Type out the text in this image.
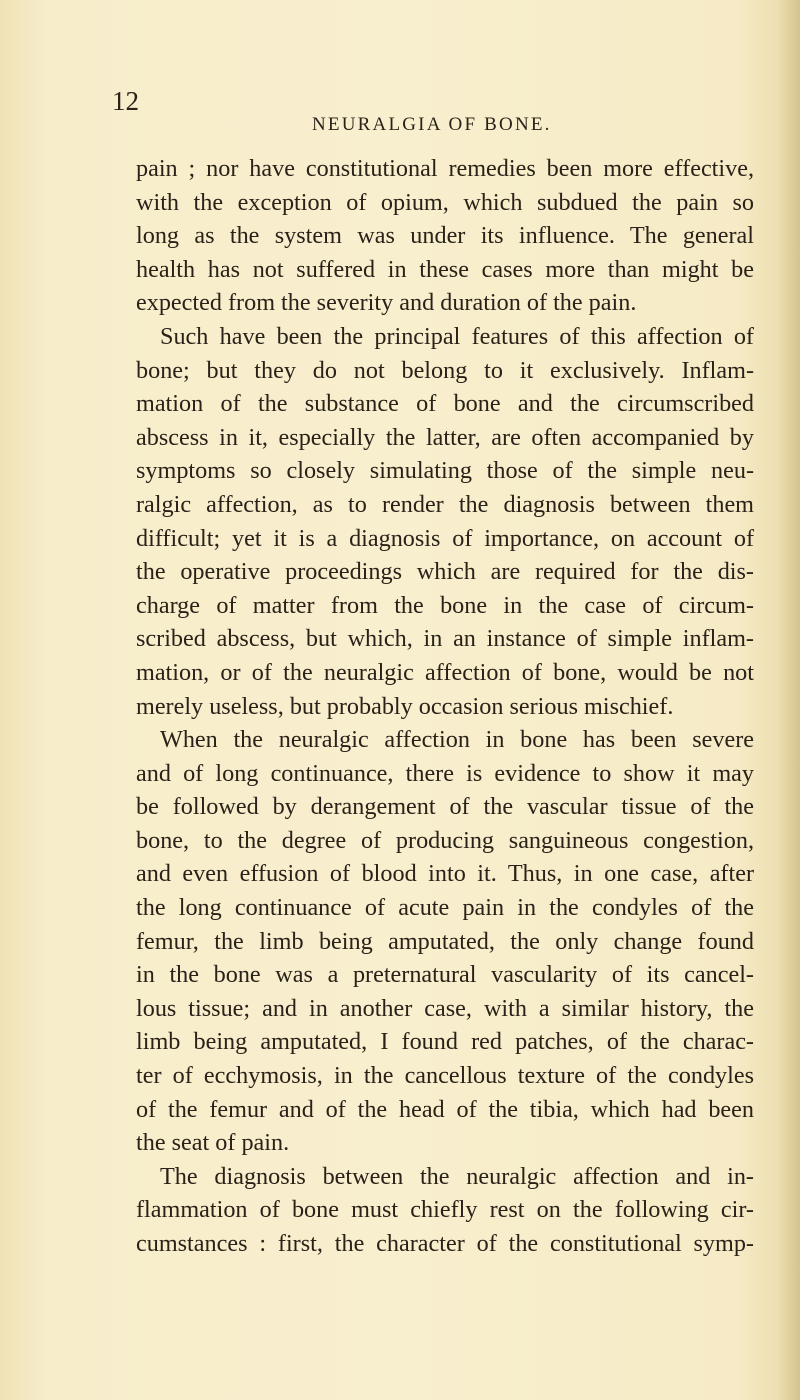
12
NEURALGIA OF BONE.
pain ; nor have constitutional remedies been more effective,
with the exception of opium, which subdued the pain so
long as the system was under its influence. The general
health has not suffered in these cases more than might be
expected from the severity and duration of the pain.
Such have been the principal features of this affection of
bone; but they do not belong to it exclusively. Inflam-
mation of the substance of bone and the circumscribed
abscess in it, especially the latter, are often accompanied by
symptoms so closely simulating those of the simple neu-
ralgic affection, as to render the diagnosis between them
difficult; yet it is a diagnosis of importance, on account of
the operative proceedings which are required for the dis-
charge of matter from the bone in the case of circum-
scribed abscess, but which, in an instance of simple inflam-
mation, or of the neuralgic affection of bone, would be not
merely useless, but probably occasion serious mischief.
When the neuralgic affection in bone has been severe
and of long continuance, there is evidence to show it may
be followed by derangement of the vascular tissue of the
bone, to the degree of producing sanguineous congestion,
and even effusion of blood into it. Thus, in one case, after
the long continuance of acute pain in the condyles of the
femur, the limb being amputated, the only change found
in the bone was a preternatural vascularity of its cancel-
lous tissue; and in another case, with a similar history, the
limb being amputated, I found red patches, of the charac-
ter of ecchymosis, in the cancellous texture of the condyles
of the femur and of the head of the tibia, which had been
the seat of pain.
The diagnosis between the neuralgic affection and in-
flammation of bone must chiefly rest on the following cir-
cumstances : first, the character of the constitutional symp-
